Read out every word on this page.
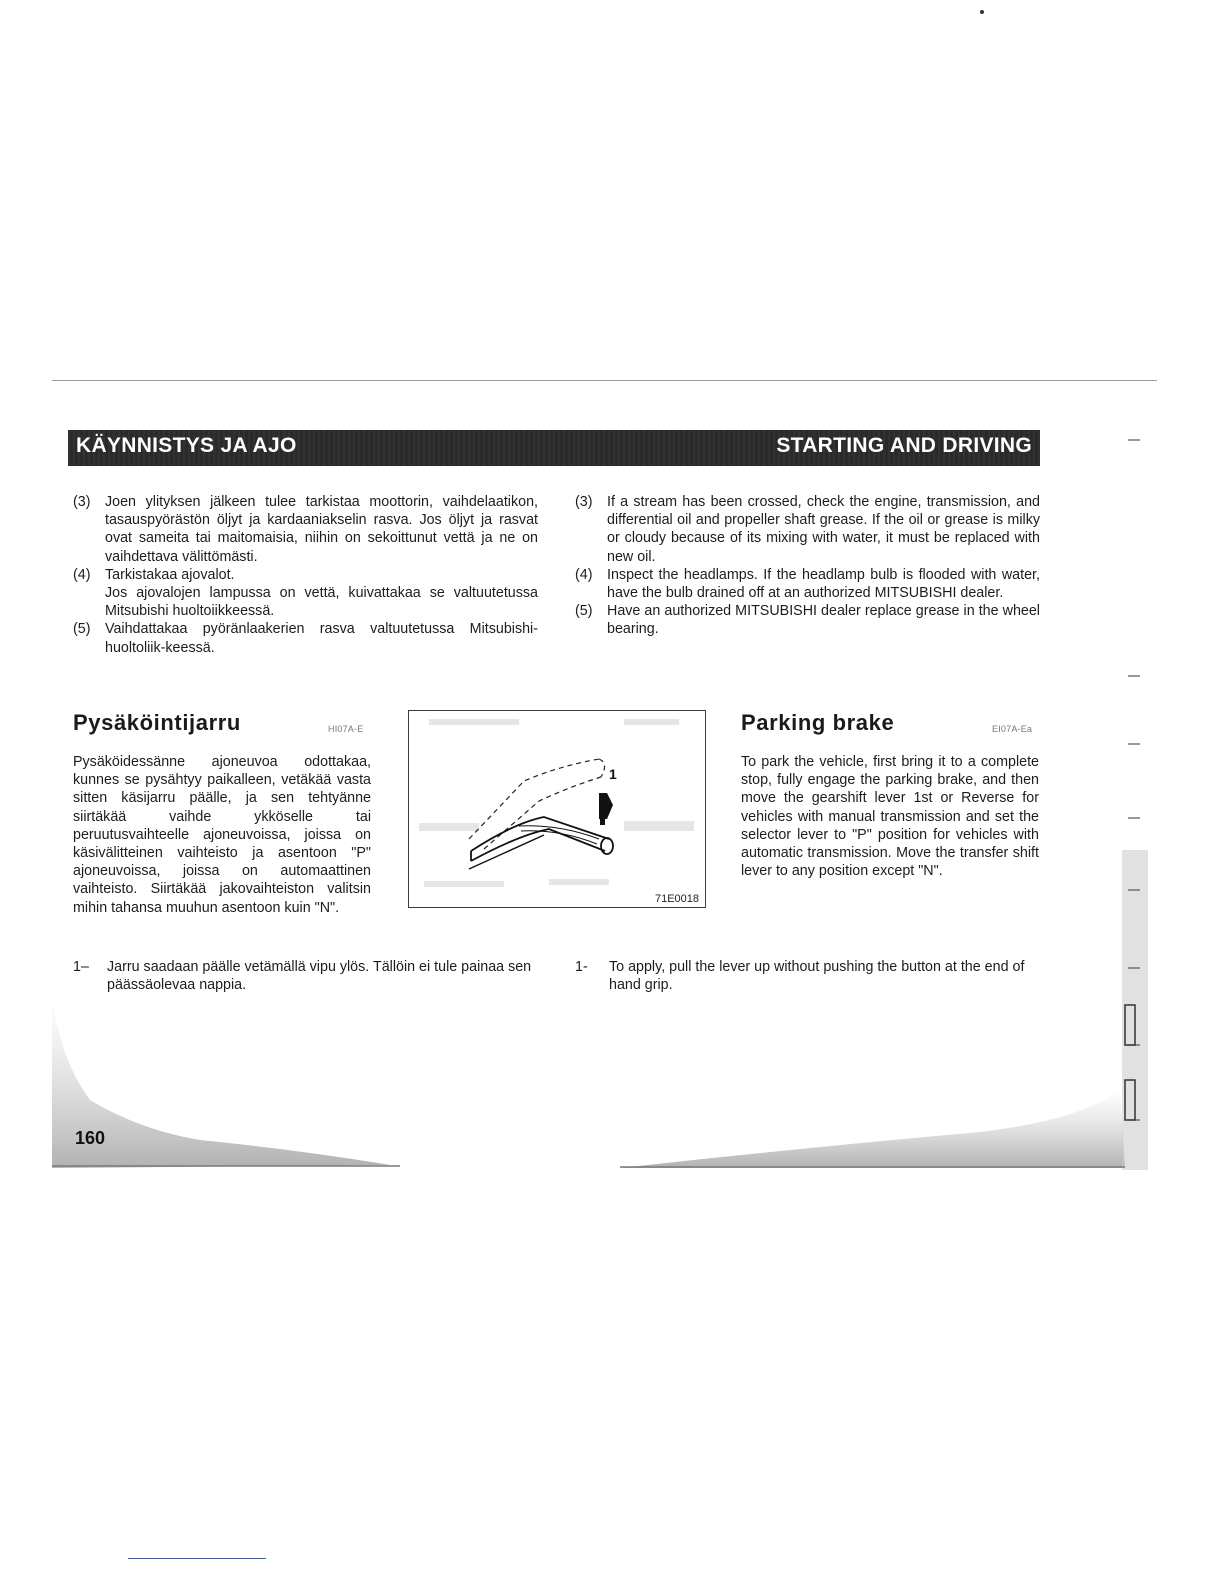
KÄYNNISTYS JA AJO	STARTING AND DRIVING
(3)	Joen ylityksen jälkeen tulee tarkistaa moottorin, vaihdelaatikon, tasauspyörästön öljyt ja kardaaniakselin rasva. Jos öljyt ja rasvat ovat sameita tai maitomaisia, niihin on sekoittunut vettä ja ne on vaihdettava välittömästi.
(4)	Tarkistakaa ajovalot.
Jos ajovalojen lampussa on vettä, kuivattakaa se valtuutetussa Mitsubishi huoltoiikkeessä.
(5)	Vaihdattakaa pyöränlaakerien rasva valtuutetussa Mitsubishi-huoltoliik-keessä.
(3)	If a stream has been crossed, check the engine, transmission, and differential oil and propeller shaft grease. If the oil or grease is milky or cloudy because of its mixing with water, it must be replaced with new oil.
(4)	Inspect the headlamps. If the headlamp bulb is flooded with water, have the bulb drained off at an authorized MITSUBISHI dealer.
(5)	Have an authorized MITSUBISHI dealer replace grease in the wheel bearing.
Pysäköintijarru	HI07A-E
Pysäköidessänne ajoneuvoa odottakaa, kunnes se pysähtyy paikalleen, vetäkää vasta sitten käsijarru päälle, ja sen tehtyänne siirtäkää vaihde ykköselle tai peruutusvaihteelle ajoneuvoissa, joissa on käsivälitteinen vaihteisto ja asentoon "P" ajoneuvoissa, joissa on automaattinen vaihteisto. Siirtäkää jakovaihteiston valitsin mihin tahansa muuhun asentoon kuin "N".
1
71E0018
Parking brake	EI07A-Ea
To park the vehicle, first bring it to a complete stop, fully engage the parking brake, and then move the gearshift lever 1st or Reverse for vehicles with manual transmission and set the selector lever to "P" position for vehicles with automatic transmission. Move the transfer shift lever to any position except "N".
1–	Jarru saadaan päälle vetämällä vipu ylös. Tällöin ei tule painaa sen päässäolevaa nappia.
1-	To apply, pull the lever up without pushing the button at the end of hand grip.
160
